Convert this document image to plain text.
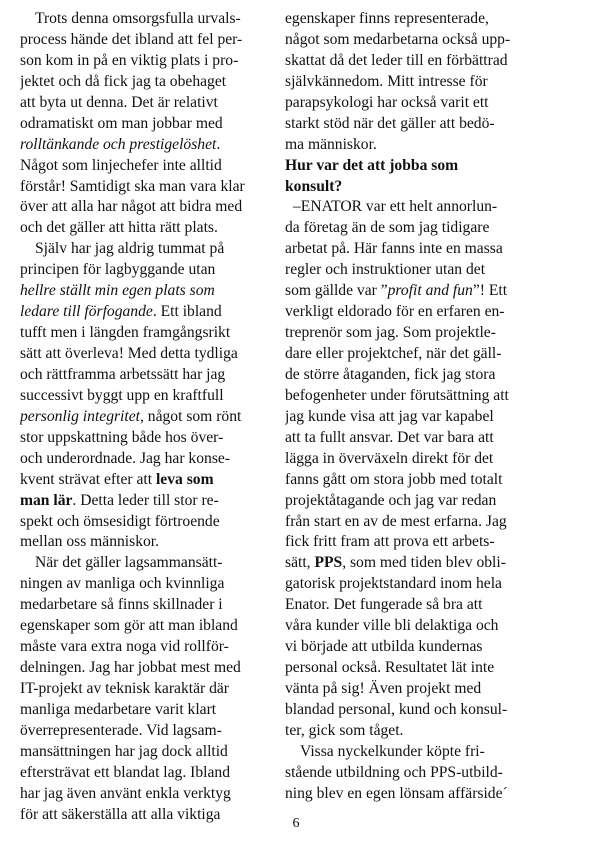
Trots denna omsorgsfulla urvals-
process hände det ibland att fel per-
son kom in på en viktig plats i pro-
jektet och då fick jag ta obehaget
att byta ut denna. Det är relativt
odramatiskt om man jobbar med
rolltänkande och prestigelöshet.
Något som linjechefer inte alltid
förstår! Samtidigt ska man vara klar
över att alla har något att bidra med
och det gäller att hitta rätt plats.
Själv har jag aldrig tummat på
principen för lagbyggande utan
hellre ställt min egen plats som
ledare till förfogande. Ett ibland
tufft men i längden framgångsrikt
sätt att överleva! Med detta tydliga
och rättframma arbetssätt har jag
successivt byggt upp en kraftfull
personlig integritet, något som rönt
stor uppskattning både hos över-
och underordnade. Jag har konse-
kvent strävat efter att leva som
man lär. Detta leder till stor re-
spekt och ömsesidigt förtroende
mellan oss människor.
När det gäller lagsammansätt-
ningen av manliga och kvinnliga
medarbetare så finns skillnader i
egenskaper som gör att man ibland
måste vara extra noga vid rollför-
delningen. Jag har jobbat mest med
IT-projekt av teknisk karaktär där
manliga medarbetare varit klart
överrepresenterade. Vid lagsam-
mansättningen har jag dock alltid
eftersträvat ett blandat lag. Ibland
har jag även använt enkla verktyg
för att säkerställa att alla viktiga
egenskaper finns representerade,
något som medarbetarna också upp-
skattat då det leder till en förbättrad
självkännedom. Mitt intresse för
parapsykologi har också varit ett
starkt stöd när det gäller att bedö-
ma människor.
Hur var det att jobba som
konsult?
–ENATOR var ett helt annorlun-
da företag än de som jag tidigare
arbetat på. Här fanns inte en massa
regler och instruktioner utan det
som gällde var ”profit and fun”! Ett
verkligt eldorado för en erfaren en-
treprenör som jag. Som projektle-
dare eller projektchef, när det gäll-
de större åtaganden, fick jag stora
befogenheter under förutsättning att
jag kunde visa att jag var kapabel
att ta fullt ansvar. Det var bara att
lägga in överväxeln direkt för det
fanns gått om stora jobb med totalt
projektåtagande och jag var redan
från start en av de mest erfarna. Jag
fick fritt fram att prova ett arbets-
sätt, PPS, som med tiden blev obli-
gatorisk projektstandard inom hela
Enator. Det fungerade så bra att
våra kunder ville bli delaktiga och
vi började att utbilda kundernas
personal också. Resultatet lät inte
vänta på sig! Även projekt med
blandad personal, kund och konsul-
ter, gick som tåget.
Vissa nyckelkunder köpte fri-
stående utbildning och PPS-utbild-
ning blev en egen lönsam affärside´
6
